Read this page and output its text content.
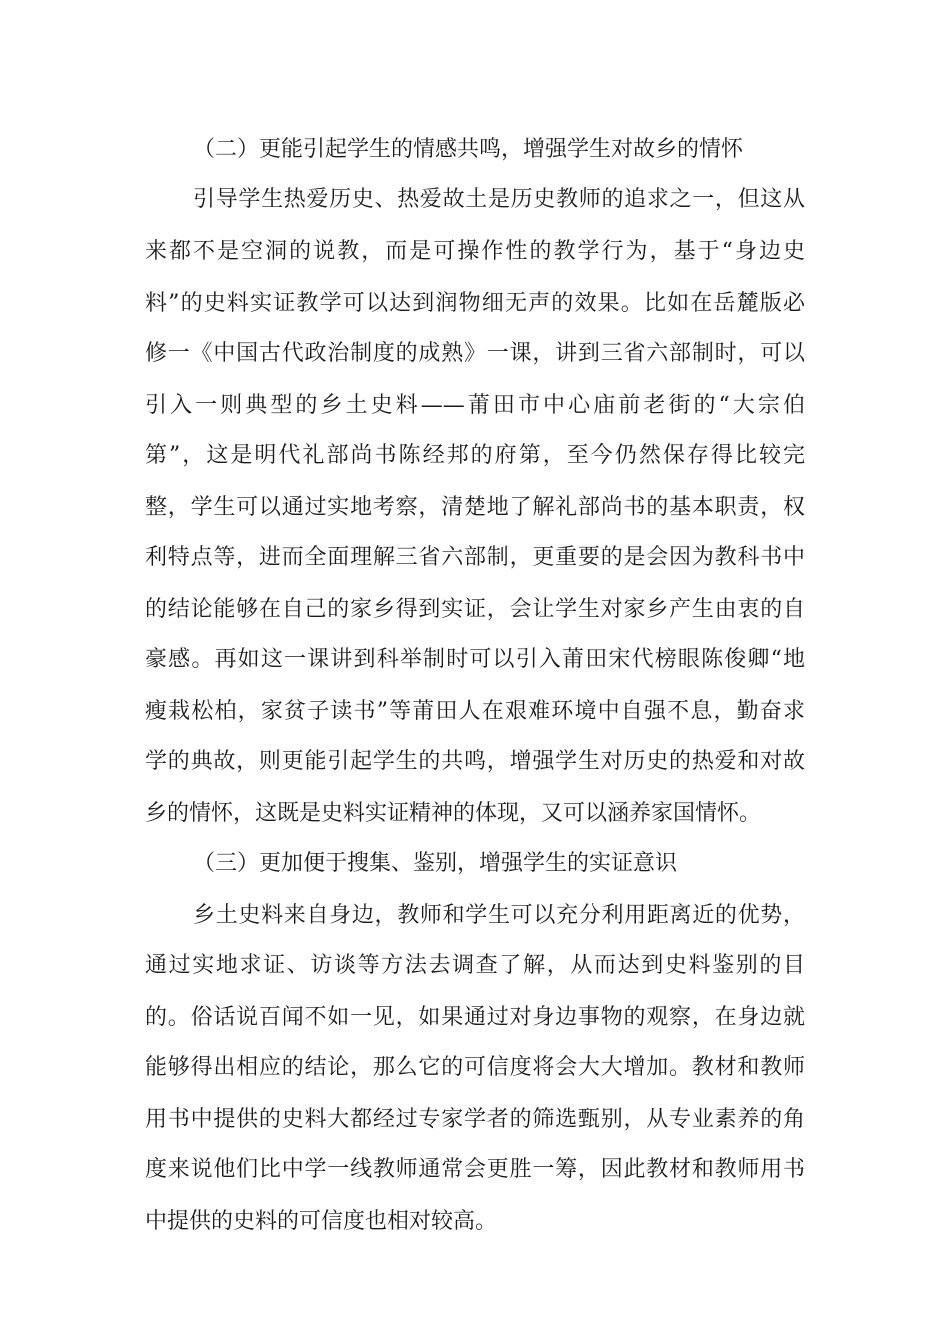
（二）更能引起学生的情感共鸣，增强学生对故乡的情怀
引导学生热爱历史、热爱故土是历史教师的追求之一，但这从
来都不是空洞的说教，而是可操作性的教学行为，基于“身边史
料”的史料实证教学可以达到润物细无声的效果。比如在岳麓版必
修一《中国古代政治制度的成熟》一课，讲到三省六部制时，可以
引入一则典型的乡土史料——莆田市中心庙前老街的“大宗伯
第”，这是明代礼部尚书陈经邦的府第，至今仍然保存得比较完
整，学生可以通过实地考察，清楚地了解礼部尚书的基本职责，权
利特点等，进而全面理解三省六部制，更重要的是会因为教科书中
的结论能够在自己的家乡得到实证，会让学生对家乡产生由衷的自
豪感。再如这一课讲到科举制时可以引入莆田宋代榜眼陈俊卿“地
瘦栽松柏，家贫子读书”等莆田人在艰难环境中自强不息，勤奋求
学的典故，则更能引起学生的共鸣，增强学生对历史的热爱和对故
乡的情怀，这既是史料实证精神的体现，又可以涵养家国情怀。
（三）更加便于搜集、鉴别，增强学生的实证意识
乡土史料来自身边，教师和学生可以充分利用距离近的优势，
通过实地求证、访谈等方法去调查了解，从而达到史料鉴别的目
的。俗话说百闻不如一见，如果通过对身边事物的观察，在身边就
能够得出相应的结论，那么它的可信度将会大大增加。教材和教师
用书中提供的史料大都经过专家学者的筛选甄别，从专业素养的角
度来说他们比中学一线教师通常会更胜一筹，因此教材和教师用书
中提供的史料的可信度也相对较高。
